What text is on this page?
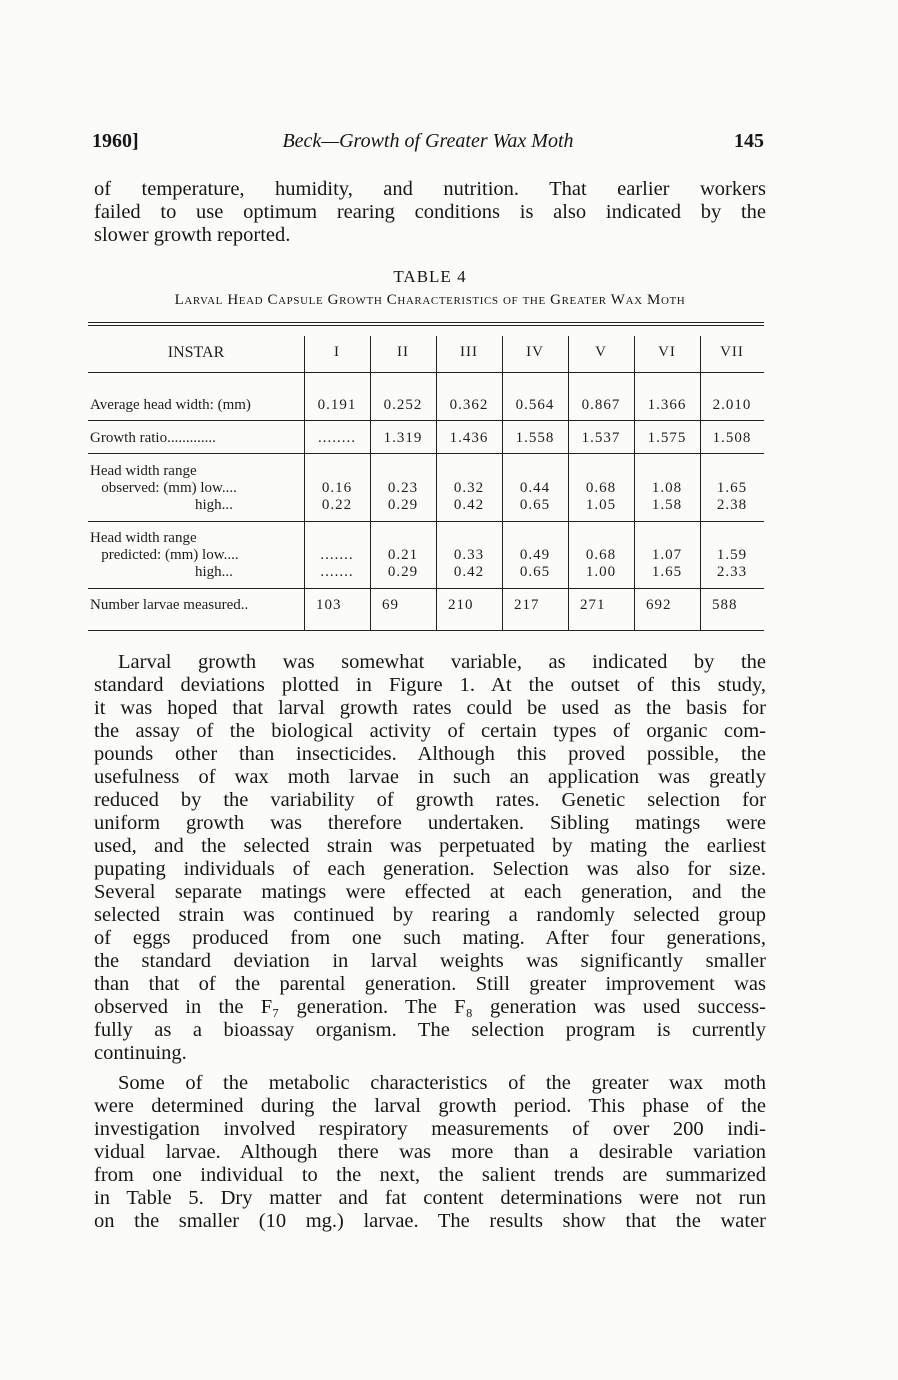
1960]	Beck—Growth of Greater Wax Moth	145
of temperature, humidity, and nutrition. That earlier workers
failed to use optimum rearing conditions is also indicated by the
slower growth reported.
TABLE 4
Larval Head Capsule Growth Characteristics of the Greater Wax Moth
INSTAR	I	II	III	IV	V	VI	VII
Average head width: (mm)	0.191	0.252	0.362	0.564	0.867	1.366	2.010
Growth ratio.............	........	1.319	1.436	1.558	1.537	1.575	1.508
Head width range
observed: (mm) low....
high...
0.16	0.23	0.32	0.44	0.68	1.08	1.65
0.22	0.29	0.42	0.65	1.05	1.58	2.38
Head width range
predicted: (mm) low....
high...
.......	0.21	0.33	0.49	0.68	1.07	1.59
.......	0.29	0.42	0.65	1.00	1.65	2.33
Number larvae measured..	103	69	210	217	271	692	588
Larval growth was somewhat variable, as indicated by the
standard deviations plotted in Figure 1. At the outset of this study,
it was hoped that larval growth rates could be used as the basis for
the assay of the biological activity of certain types of organic com-
pounds other than insecticides. Although this proved possible, the
usefulness of wax moth larvae in such an application was greatly
reduced by the variability of growth rates. Genetic selection for
uniform growth was therefore undertaken. Sibling matings were
used, and the selected strain was perpetuated by mating the earliest
pupating individuals of each generation. Selection was also for size.
Several separate matings were effected at each generation, and the
selected strain was continued by rearing a randomly selected group
of eggs produced from one such mating. After four generations,
the standard deviation in larval weights was significantly smaller
than that of the parental generation. Still greater improvement was
observed in the F₇ generation. The F₈ generation was used success-
fully as a bioassay organism. The selection program is currently
continuing.
Some of the metabolic characteristics of the greater wax moth
were determined during the larval growth period. This phase of the
investigation involved respiratory measurements of over 200 indi-
vidual larvae. Although there was more than a desirable variation
from one individual to the next, the salient trends are summarized
in Table 5. Dry matter and fat content determinations were not run
on the smaller (10 mg.) larvae. The results show that the water
